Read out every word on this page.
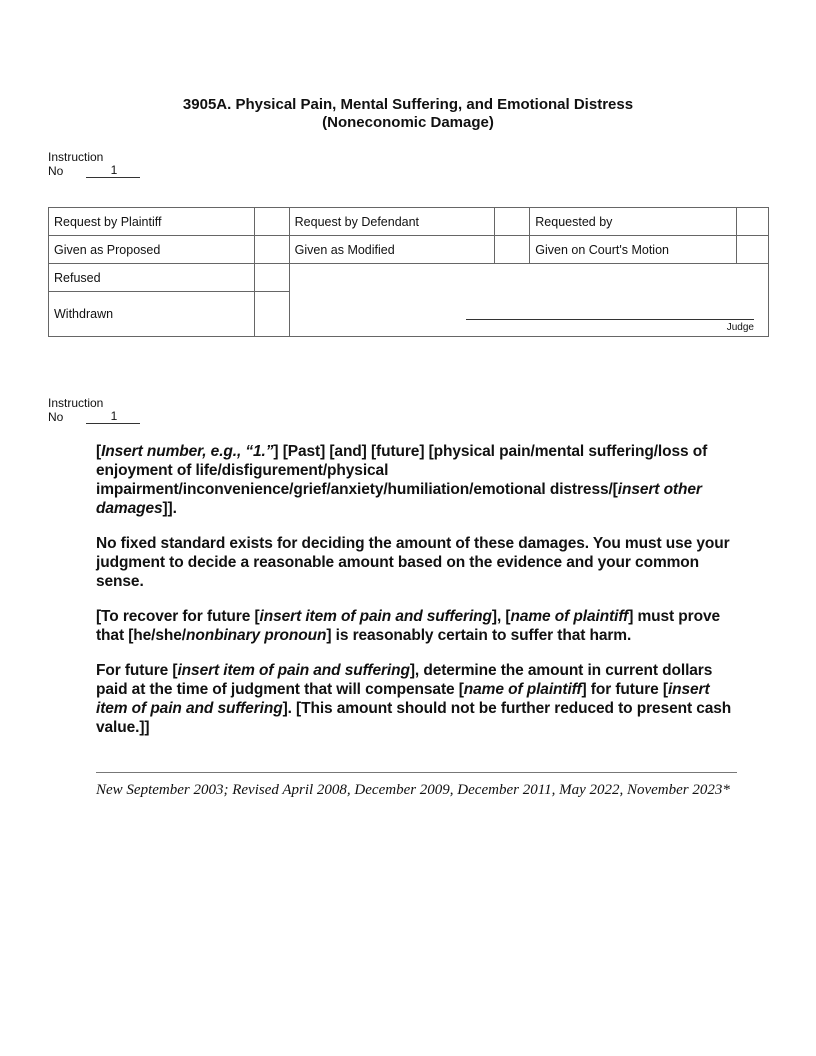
3905A. Physical Pain, Mental Suffering, and Emotional Distress
(Noneconomic Damage)
Instruction
No	1
Request by Plaintiff		Request by Defendant		Requested by	
Given as Proposed		Given as Modified		Given on Court's Motion	
Refused		Judge			

Withdrawn					
Instruction
No	1

[Insert number, e.g., “1.”] [Past] [and] [future] [physical pain/mental suffering/loss of enjoyment of life/disfigurement/physical impairment/inconvenience/grief/anxiety/humiliation/emotional distress/[insert other damages]].

No fixed standard exists for deciding the amount of these damages. You must use your judgment to decide a reasonable amount based on the evidence and your common sense.

[To recover for future [insert item of pain and suffering], [name of plaintiff] must prove that [he/she/nonbinary pronoun] is reasonably certain to suffer that harm.

For future [insert item of pain and suffering], determine the amount in current dollars paid at the time of judgment that will compensate [name of plaintiff] for future [insert item of pain and suffering]. [This amount should not be further reduced to present cash value.]]

New September 2003; Revised April 2008, December 2009, December 2011, May 2022, November 2023*
